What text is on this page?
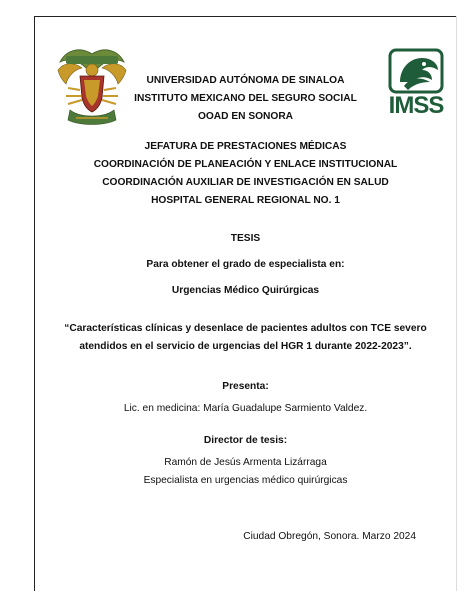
IMSS
UNIVERSIDAD AUTÓNOMA DE SINALOA
INSTITUTO MEXICANO DEL SEGURO SOCIAL
OOAD EN SONORA
JEFATURA DE PRESTACIONES MÉDICAS
COORDINACIÓN DE PLANEACIÓN Y ENLACE INSTITUCIONAL
COORDINACIÓN AUXILIAR DE INVESTIGACIÓN EN SALUD
HOSPITAL GENERAL REGIONAL NO. 1
TESIS
Para obtener el grado de especialista en:
Urgencias Médico Quirúrgicas
“Características clínicas y desenlace de pacientes adultos con TCE severo
atendidos en el servicio de urgencias del HGR 1 durante 2022-2023”.
Presenta:
Lic. en medicina: María Guadalupe Sarmiento Valdez.
Director de tesis:
Ramón de Jesús Armenta Lizárraga
Especialista en urgencias médico quirúrgicas
Ciudad Obregón, Sonora. Marzo 2024
